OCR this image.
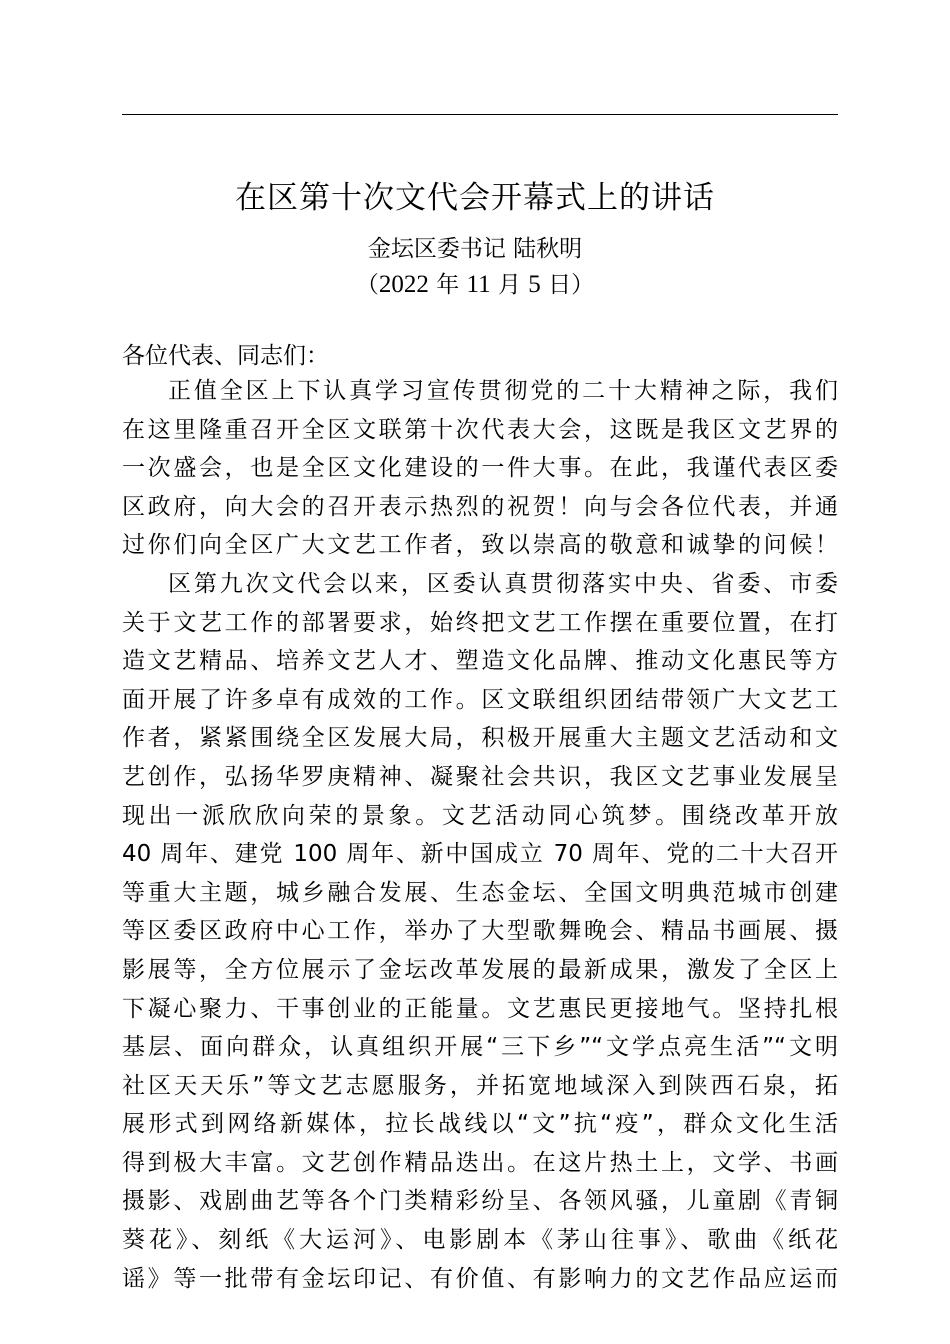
在区第十次文代会开幕式上的讲话
金坛区委书记 陆秋明
（2022 年 11 月 5 日）
各位代表、同志们：
正值全区上下认真学习宣传贯彻党的二十大精神之际，我们
在这里隆重召开全区文联第十次代表大会，这既是我区文艺界的
一次盛会，也是全区文化建设的一件大事。在此，我谨代表区委
区政府，向大会的召开表示热烈的祝贺！向与会各位代表，并通
过你们向全区广大文艺工作者，致以崇高的敬意和诚挚的问候！
区第九次文代会以来，区委认真贯彻落实中央、省委、市委
关于文艺工作的部署要求，始终把文艺工作摆在重要位置，在打
造文艺精品、培养文艺人才、塑造文化品牌、推动文化惠民等方
面开展了许多卓有成效的工作。区文联组织团结带领广大文艺工
作者，紧紧围绕全区发展大局，积极开展重大主题文艺活动和文
艺创作，弘扬华罗庚精神、凝聚社会共识，我区文艺事业发展呈
现出一派欣欣向荣的景象。文艺活动同心筑梦。围绕改革开放
40 周年、建党 100 周年、新中国成立 70 周年、党的二十大召开
等重大主题，城乡融合发展、生态金坛、全国文明典范城市创建
等区委区政府中心工作，举办了大型歌舞晚会、精品书画展、摄
影展等，全方位展示了金坛改革发展的最新成果，激发了全区上
下凝心聚力、干事创业的正能量。文艺惠民更接地气。坚持扎根
基层、面向群众，认真组织开展“三下乡”“文学点亮生活”“文明
社区天天乐”等文艺志愿服务，并拓宽地域深入到陕西石泉，拓
展形式到网络新媒体，拉长战线以“文”抗“疫”，群众文化生活
得到极大丰富。文艺创作精品迭出。在这片热土上，文学、书画
摄影、戏剧曲艺等各个门类精彩纷呈、各领风骚，儿童剧《青铜
葵花》、刻纸《大运河》、电影剧本《茅山往事》、歌曲《纸花
谣》等一批带有金坛印记、有价值、有影响力的文艺作品应运而
